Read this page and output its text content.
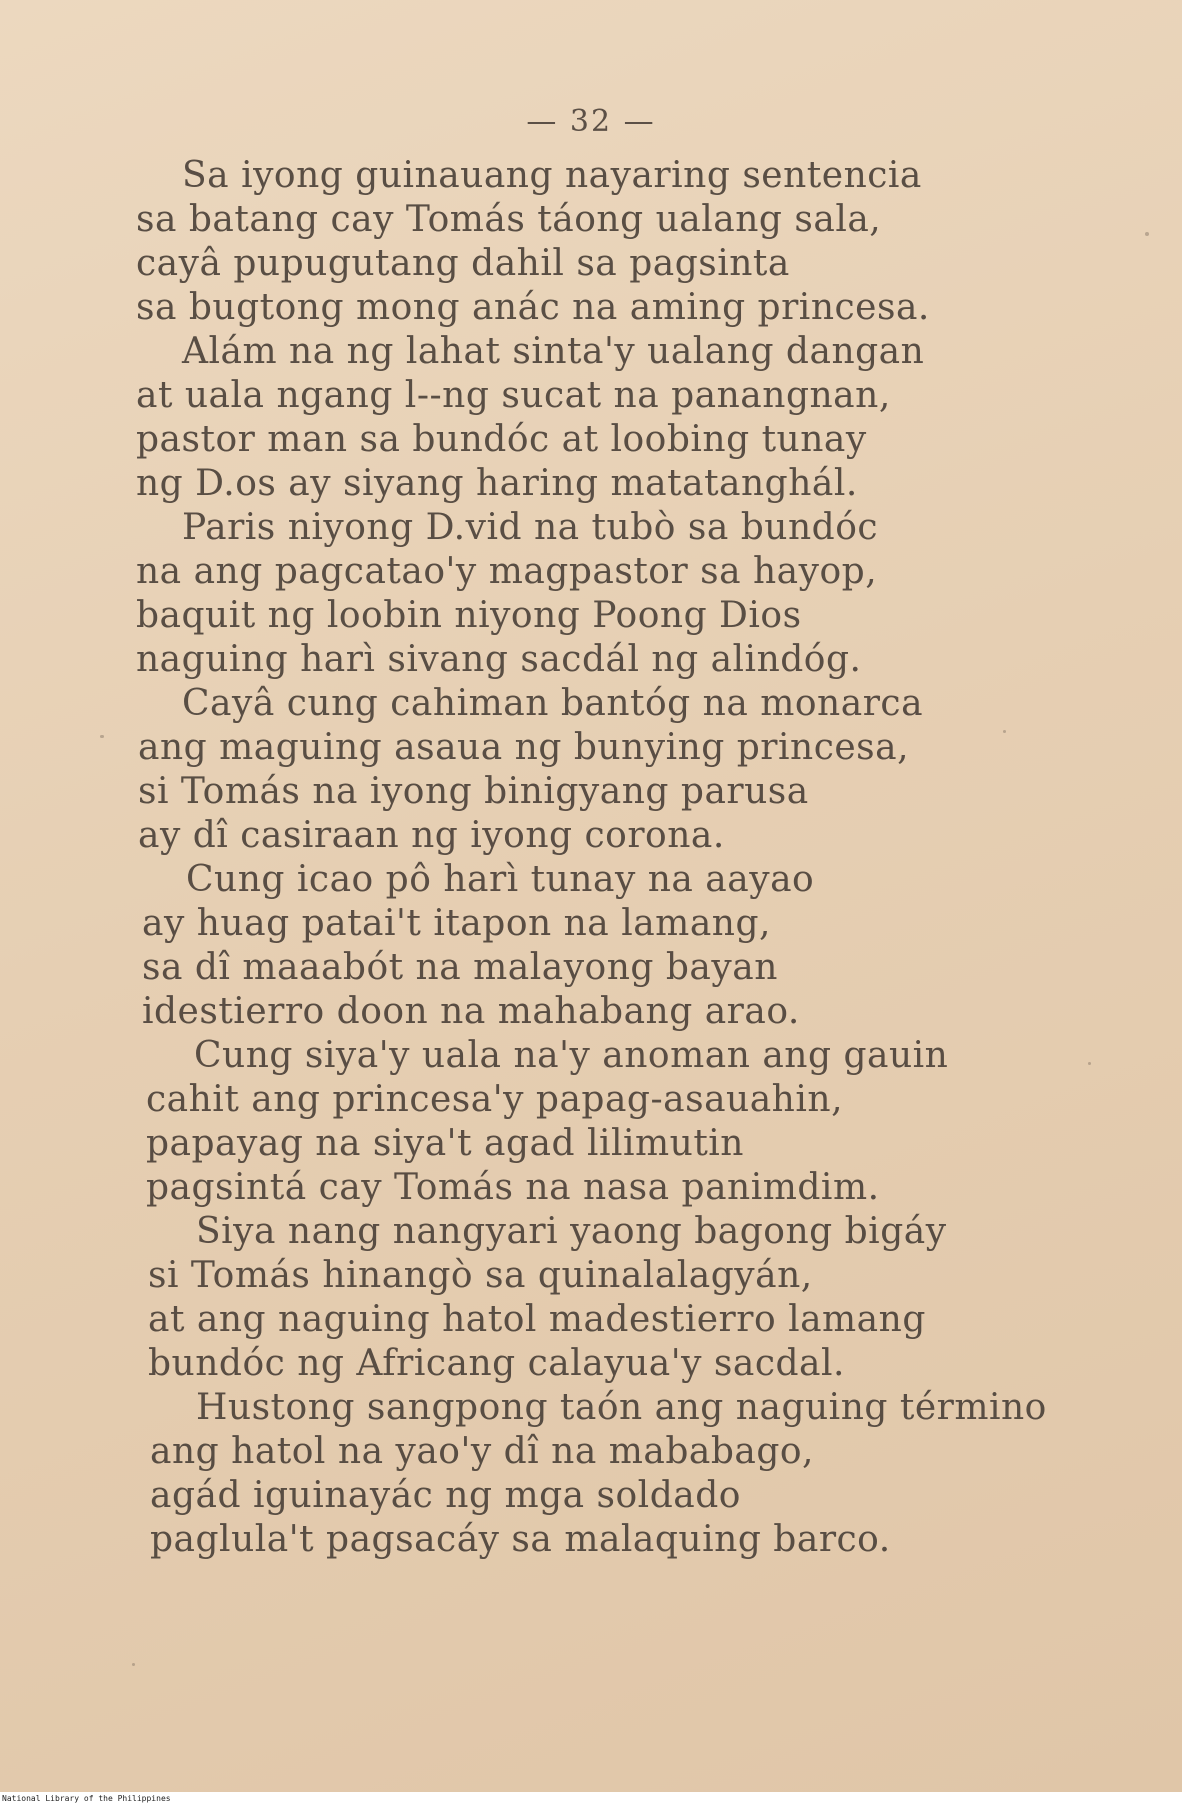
— 32 —
Sa iyong guinauang nayaring sentencia
sa batang cay Tomás táong ualang sala,
cayâ pupugutang dahil sa pagsinta
sa bugtong mong anác na aming princesa.
Alám na ng lahat sinta'y ualang dangan
at uala ngang l--ng sucat na panangnan,
pastor man sa bundóc at loobing tunay
ng D.os ay siyang haring matatanghál.
Paris niyong D.vid na tubò sa bundóc
na ang pagcatao'y magpastor sa hayop,
baquit ng loobin niyong Poong Dios
naguing harì sivang sacdál ng alindóg.
Cayâ cung cahiman bantóg na monarca
ang maguing asaua ng bunying princesa,
si Tomás na iyong binigyang parusa
ay dî casiraan ng iyong corona.
Cung icao pô harì tunay na aayao
ay huag patai't itapon na lamang,
sa dî maaabót na malayong bayan
idestierro doon na mahabang arao.
Cung siya'y uala na'y anoman ang gauin
cahit ang princesa'y papag-asauahin,
papayag na siya't agad lilimutin
pagsintá cay Tomás na nasa panimdim.
Siya nang nangyari yaong bagong bigáy
si Tomás hinangò sa quinalalagyán,
at ang naguing hatol madestierro lamang
bundóc ng Africang calayua'y sacdal.
Hustong sangpong taón ang naguing término
ang hatol na yao'y dî na mababago,
agád iguinayác ng mga soldado
paglula't pagsacáy sa malaquing barco.
National Library of the Philippines
